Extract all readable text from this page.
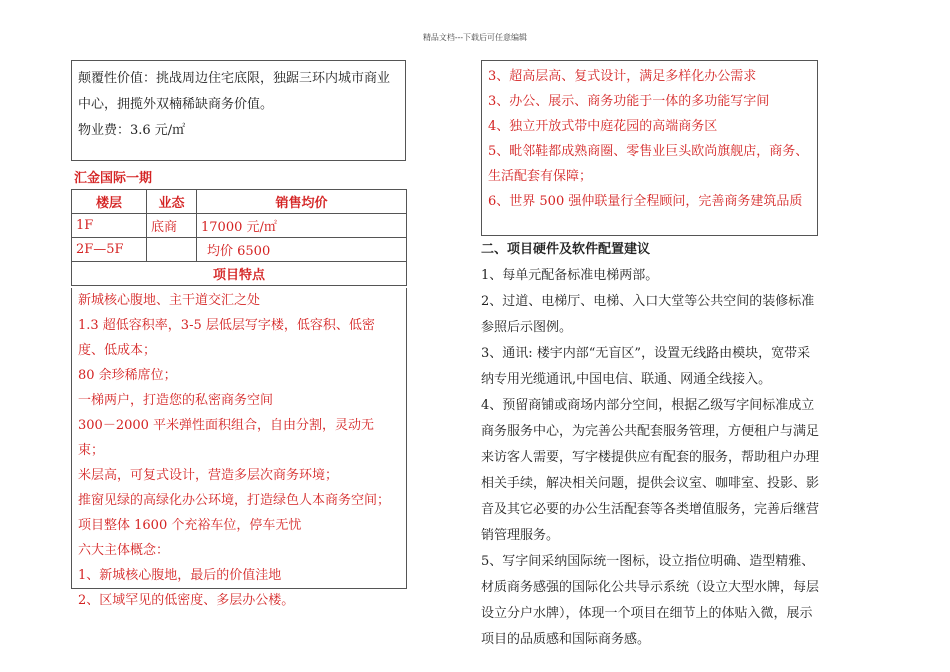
精品文档---下载后可任意编辑
颠覆性价值：挑战周边住宅底限，独踞三环内城市商业中心，拥揽外双楠稀缺商务价值。
物业费：3.6 元/㎡
汇金国际一期
楼层	业态	销售均价
1F	底商	17000 元/㎡
2F—5F		均价 6500
项目特点		
新城核心腹地、主干道交汇之处
1.3 超低容积率，3-5 层低层写字楼，低容积、低密度、低成本；
80 余珍稀席位；
一梯两户，打造您的私密商务空间
300－2000 平米弹性面积组合，自由分割，灵动无束；
米层高，可复式设计，营造多层次商务环境；
推窗见绿的高绿化办公环境，打造绿色人本商务空间；
项目整体 1600 个充裕车位，停车无忧
六大主体概念：
1、新城核心腹地，最后的价值洼地
2、区域罕见的低密度、多层办公楼。
3、超高层高、复式设计，满足多样化办公需求
3、办公、展示、商务功能于一体的多功能写字间
4、独立开放式带中庭花园的高端商务区
5、毗邻鞋都成熟商圈、零售业巨头欧尚旗舰店，商务、生活配套有保障；
6、世界 500 强仲联量行全程顾问，完善商务建筑品质
二、项目硬件及软件配置建议

1、每单元配备标准电梯两部。

2、过道、电梯厅、电梯、入口大堂等公共空间的装修标准参照后示图例。

3、通讯: 楼宇内部“无盲区”，设置无线路由模块，宽带采纳专用光缆通讯,中国电信、联通、网通全线接入。

4、预留商铺或商场内部分空间，根据乙级写字间标准成立商务服务中心，为完善公共配套服务管理，方便租户与满足来访客人需要，写字楼提供应有配套的服务，帮助租户办理相关手续，解决相关问题，提供会议室、咖啡室、投影、影音及其它必要的办公生活配套等各类增值服务，完善后继营销管理服务。

5、写字间采纳国际统一图标，设立指位明确、造型精雅、材质商务感强的国际化公共导示系统（设立大型水牌，每层设立分户水牌），体现一个项目在细节上的体贴入微，展示项目的品质感和国际商务感。
